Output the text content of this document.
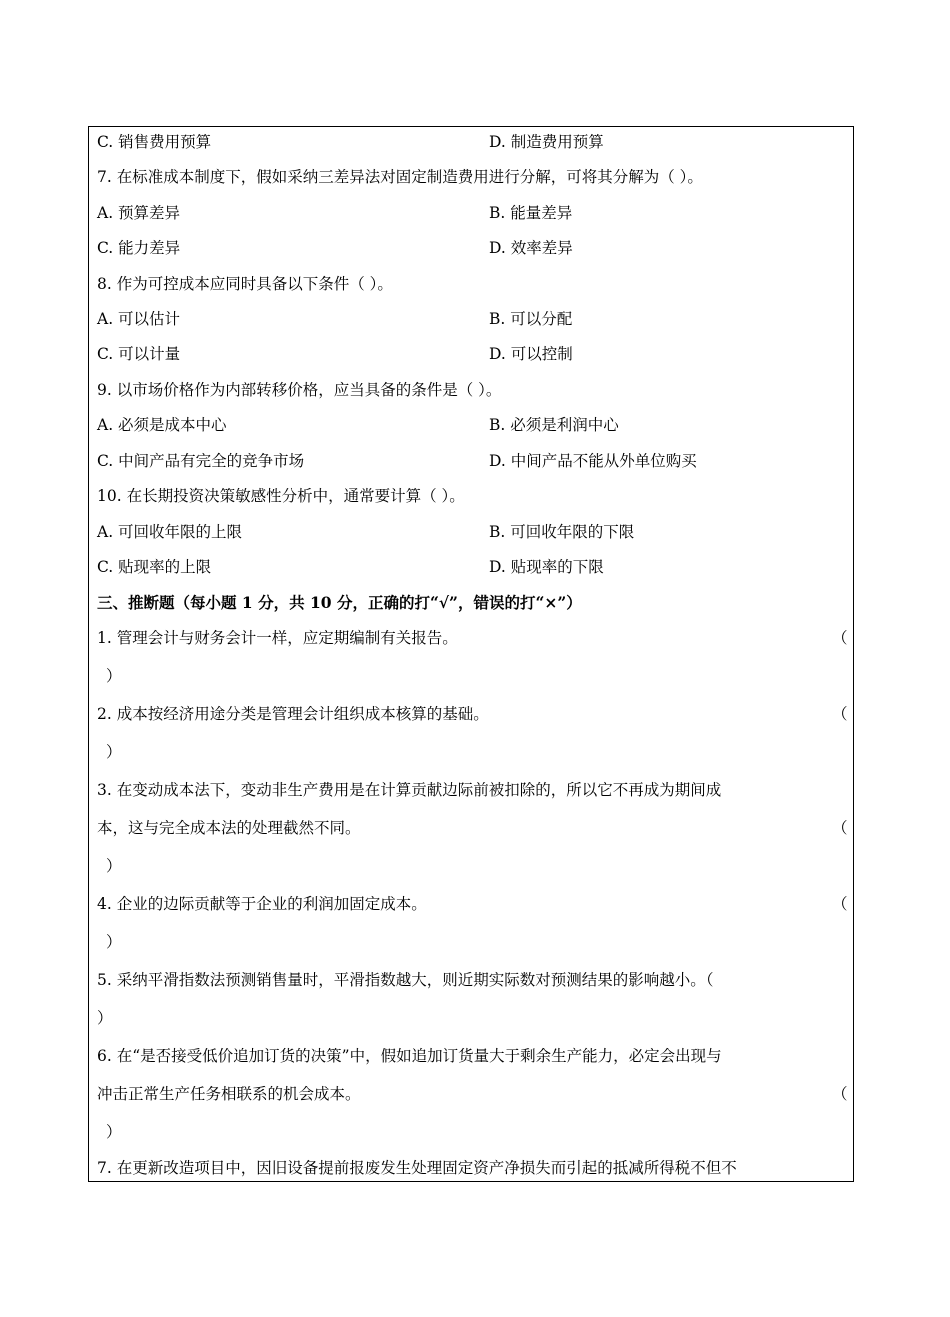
C. 销售费用预算	D. 制造费用预算
7. 在标准成本制度下，假如采纳三差异法对固定制造费用进行分解，可将其分解为（ ）。
A. 预算差异	B. 能量差异
C. 能力差异	D. 效率差异
8. 作为可控成本应同时具备以下条件（ ）。
A. 可以估计	B. 可以分配
C. 可以计量	D. 可以控制
9. 以市场价格作为内部转移价格，应当具备的条件是（ ）。
A. 必须是成本中心	B. 必须是利润中心
C. 中间产品有完全的竞争市场	D. 中间产品不能从外单位购买
10. 在长期投资决策敏感性分析中，通常要计算（ ）。
A. 可回收年限的上限	B. 可回收年限的下限
C. 贴现率的上限	D. 贴现率的下限
三、推断题（每小题 1 分，共 10 分，正确的打“√”，错误的打“×”）
1. 管理会计与财务会计一样，应定期编制有关报告。	（
）
2. 成本按经济用途分类是管理会计组织成本核算的基础。	（
）
3. 在变动成本法下，变动非生产费用是在计算贡献边际前被扣除的，所以它不再成为期间成
本，这与完全成本法的处理截然不同。	（
）
4. 企业的边际贡献等于企业的利润加固定成本。	（
）
5. 采纳平滑指数法预测销售量时，平滑指数越大，则近期实际数对预测结果的影响越小。（
）
6. 在“是否接受低价追加订货的决策”中，假如追加订货量大于剩余生产能力，必定会出现与
冲击正常生产任务相联系的机会成本。	（
）
7. 在更新改造项目中，因旧设备提前报废发生处理固定资产净损失而引起的抵减所得税不但不
